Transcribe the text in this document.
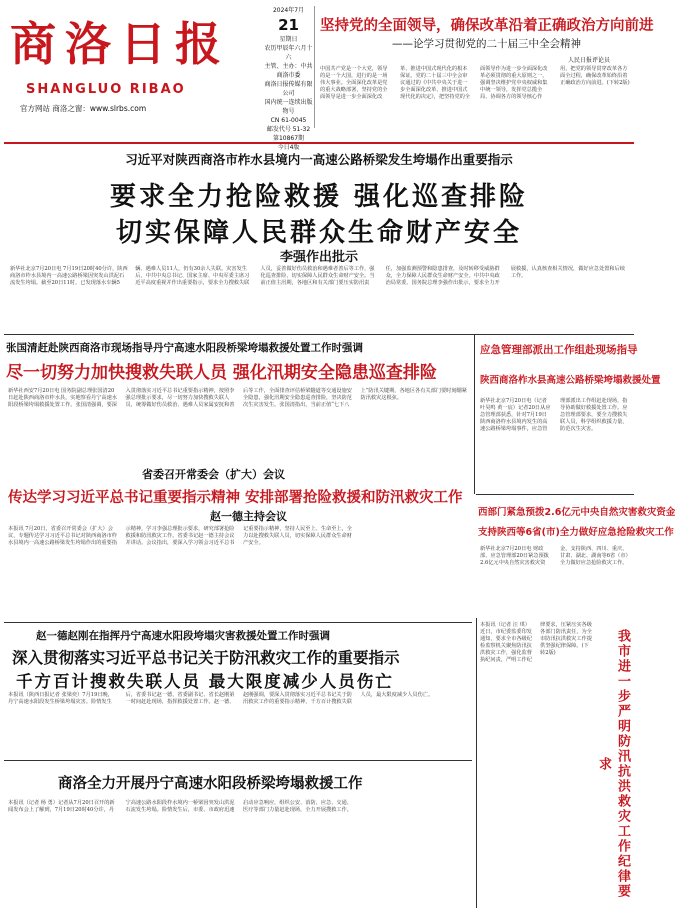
商洛日报
SHANGLUO RIBAO
官方网站 商洛之窗：www.slrbs.com
2024年7月
21
星期日
农历甲辰年六月十六
主管、主办：中共商洛市委
商洛日报传媒有限公司
国内统一连续出版物号
CN 61-0045
邮发代号 51-32
第10867期
今日4版
坚持党的全面领导，确保改革沿着正确政治方向前进
——论学习贯彻党的二十届三中全会精神
人民日报评论员
中国共产党是一个大党，领导的是一个大国，进行的是一场伟大事业。全面深化改革是党的重大战略部署，坚持党的全面领导是进一步全面深化改革、推进中国式现代化的根本保证。党的二十届三中全会审议通过的《中共中央关于进一步全面深化改革、推进中国式现代化的决定》，把坚持党的全面领导作为进一步全面深化改革必须贯彻的重大原则之一，强调坚决维护党中央权威和集中统一领导，发挥党总揽全局、协调各方的领导核心作用，把党的领导贯穿改革各方面全过程，确保改革始终沿着正确政治方向前进。(下转2版)
习近平对陕西商洛市柞水县境内一高速公路桥梁发生垮塌作出重要指示
要求全力抢险救援 强化巡查排险
切实保障人民群众生命财产安全
李强作出批示
新华社北京7月20日电 7月19日20时40分许，陕西商洛市柞水县境内一高速公路桥梁因突发山洪泥石流发生垮塌。截至20日11时，已发现落水车辆5辆、遇难人员11人，仍有30余人失联。灾害发生后，中共中央总书记、国家主席、中央军委主席习近平高度重视并作出重要指示，要求全力搜救失联人员，妥善做好伤员救治和遇难者善后等工作，强化巡查排险，切实保障人民群众生命财产安全。当前正值主汛期，各地区和有关部门要压实防汛责任，加强监测预警和隐患排查，及时转移受威胁群众，全力保障人民群众生命财产安全。中共中央政治局常委、国务院总理李强作出批示，要求全力开展救援，认真核查相关情况，做好应急处置和后续工作。
张国清赶赴陕西商洛市现场指导丹宁高速水阳段桥梁垮塌救援处置工作时强调
尽一切努力加快搜救失联人员 强化汛期安全隐患巡查排险
新华社西安7月20日电 国务院副总理张国清20日赶赴陕西商洛市柞水县，实地察看丹宁高速水阳段桥梁垮塌救援处置工作。张国清强调，要深入贯彻落实习近平总书记重要指示精神，按照李强总理批示要求，尽一切努力加快搜救失联人员，统筹做好伤员救治、遇难人员家属安抚和善后等工作，全面排查评估桥梁隧道等交通设施安全隐患，强化汛期安全隐患巡查排险，坚决防范次生灾害发生。张国清指出，当前正值“七下八上”防汛关键期，各地区各有关部门要时刻绷紧防汛救灾这根弦。
应急管理部派出工作组赴现场指导
陕西商洛柞水县高速公路桥梁垮塌救援处置
新华社北京7月20日电（记者 叶昊鸣 黄一宸）记者20日从应急管理部获悉，针对7月19日陕西商洛柞水县境内发生的高速公路桥梁垮塌事件，应急管理部派出工作组赶赴现场，指导协助做好救援处置工作。应急管理部要求，要全力搜救失联人员，科学组织救援力量，防范次生灾害。
省委召开常委会（扩大）会议
传达学习习近平总书记重要指示精神 安排部署抢险救援和防汛救灾工作
赵一德主持会议
本报讯 7月20日，省委召开常委会（扩大）会议，专题传达学习习近平总书记对陕西商洛市柞水县境内一高速公路桥梁发生垮塌作出的重要指示精神，学习李强总理批示要求，研究部署抢险救援和防汛救灾工作。省委书记赵一德主持会议并讲话。会议指出，要深入学习领会习近平总书记重要指示精神，坚持人民至上、生命至上，全力以赴搜救失联人员，切实保障人民群众生命财产安全。
西部门紧急预拨2.6亿元中央自然灾害救灾资金
支持陕西等6省(市)全力做好应急抢险救灾工作
新华社北京7月20日电 财政部、应急管理部20日紧急预拨2.6亿元中央自然灾害救灾资金，支持陕西、四川、重庆、甘肃、湖北、湖南等6省（市）全力做好应急抢险救灾工作。
赵一德赵刚在指挥丹宁高速水阳段垮塌灾害救援处置工作时强调
深入贯彻落实习近平总书记关于防汛救灾工作的重要指示
千方百计搜救失联人员 最大限度减少人员伤亡
本报讯（陕西日报记者 张梁奕）7月19日晚，丹宁高速水阳段发生桥梁垮塌灾害。险情发生后，省委书记赵一德，省委副书记、省长赵刚第一时间赶赴现场，指挥救援处置工作。赵一德、赵刚强调，要深入贯彻落实习近平总书记关于防汛救灾工作的重要指示精神，千方百计搜救失联人员，最大限度减少人员伤亡。
本报讯（记者 汪 琪）近日，市纪委监委印发通知，要求全市各级纪检监察机关聚焦防汛抗洪救灾工作，强化监督执纪问责，严明工作纪律要求，压紧压实各级各部门防汛责任，为全市防汛抗洪救灾工作提供坚强纪律保障。(下转2版)	我市进一步严明防汛抗洪救灾工作纪律要求
商洛全力开展丹宁高速水阳段桥梁垮塌救援工作
本报讯（记者 杨 勇）记者从7月20日召开的新闻发布会上了解到，7月19日20时40分许，丹宁高速公路水阳段柞水境内一桥梁因突发山洪泥石流发生垮塌。险情发生后，市委、市政府迅速启动应急响应，组织公安、消防、应急、交通、医疗等部门力量赶赴现场，全力开展搜救工作。
